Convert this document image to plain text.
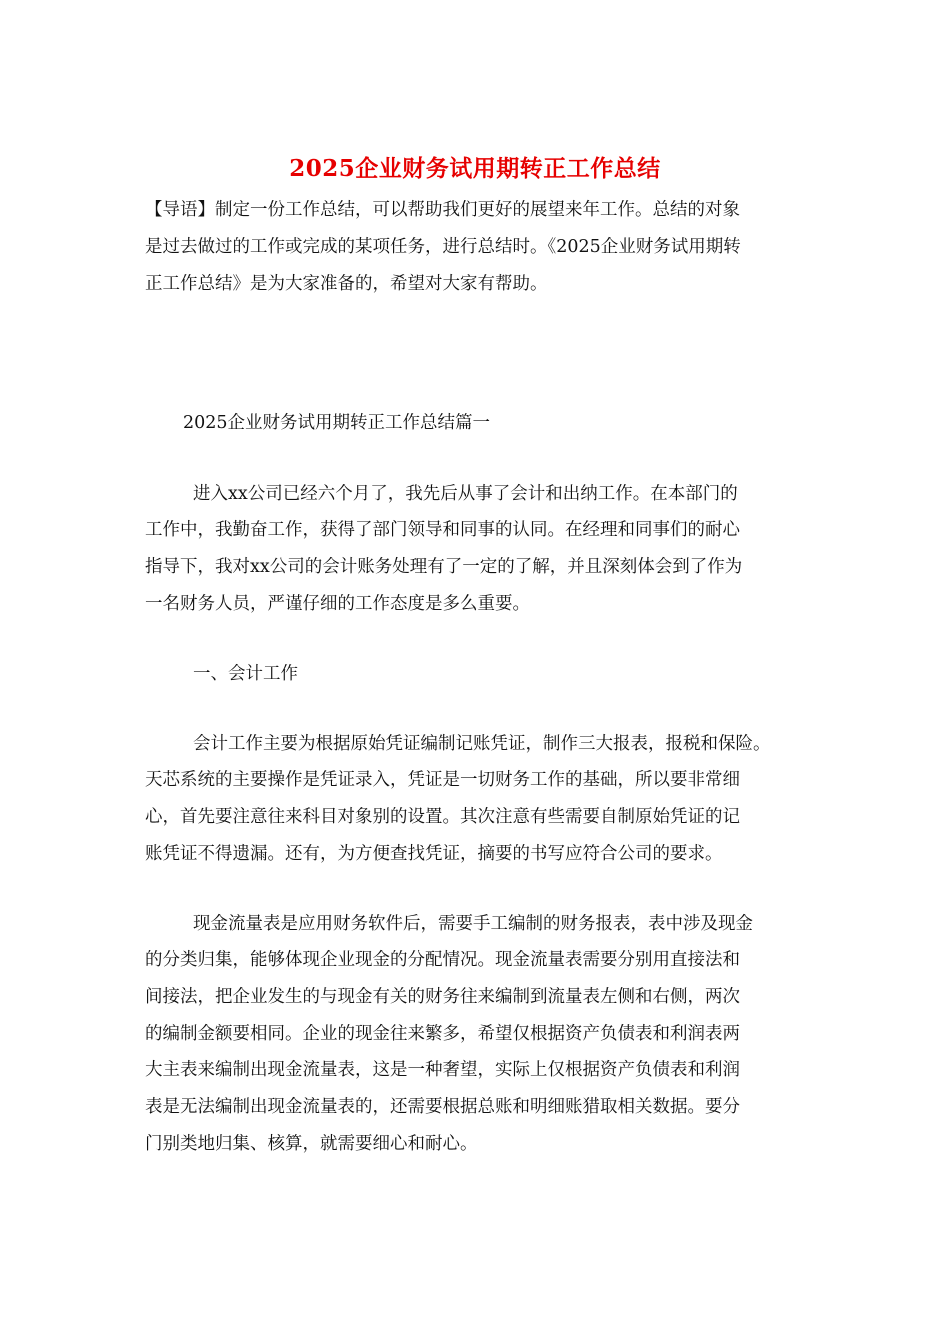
2025企业财务试用期转正工作总结
【导语】制定一份工作总结，可以帮助我们更好的展望来年工作。总结的对象
是过去做过的工作或完成的某项任务，进行总结时。《2025企业财务试用期转
正工作总结》是为大家准备的，希望对大家有帮助。
2025企业财务试用期转正工作总结篇一
进入xx公司已经六个月了，我先后从事了会计和出纳工作。在本部门的
工作中，我勤奋工作，获得了部门领导和同事的认同。在经理和同事们的耐心
指导下，我对xx公司的会计账务处理有了一定的了解，并且深刻体会到了作为
一名财务人员，严谨仔细的工作态度是多么重要。
一、会计工作
会计工作主要为根据原始凭证编制记账凭证，制作三大报表，报税和保险。
天芯系统的主要操作是凭证录入，凭证是一切财务工作的基础，所以要非常细
心，首先要注意往来科目对象别的设置。其次注意有些需要自制原始凭证的记
账凭证不得遗漏。还有，为方便查找凭证，摘要的书写应符合公司的要求。
现金流量表是应用财务软件后，需要手工编制的财务报表，表中涉及现金
的分类归集，能够体现企业现金的分配情况。现金流量表需要分别用直接法和
间接法，把企业发生的与现金有关的财务往来编制到流量表左侧和右侧，两次
的编制金额要相同。企业的现金往来繁多，希望仅根据资产负债表和利润表两
大主表来编制出现金流量表，这是一种奢望，实际上仅根据资产负债表和利润
表是无法编制出现金流量表的，还需要根据总账和明细账猎取相关数据。要分
门别类地归集、核算，就需要细心和耐心。
